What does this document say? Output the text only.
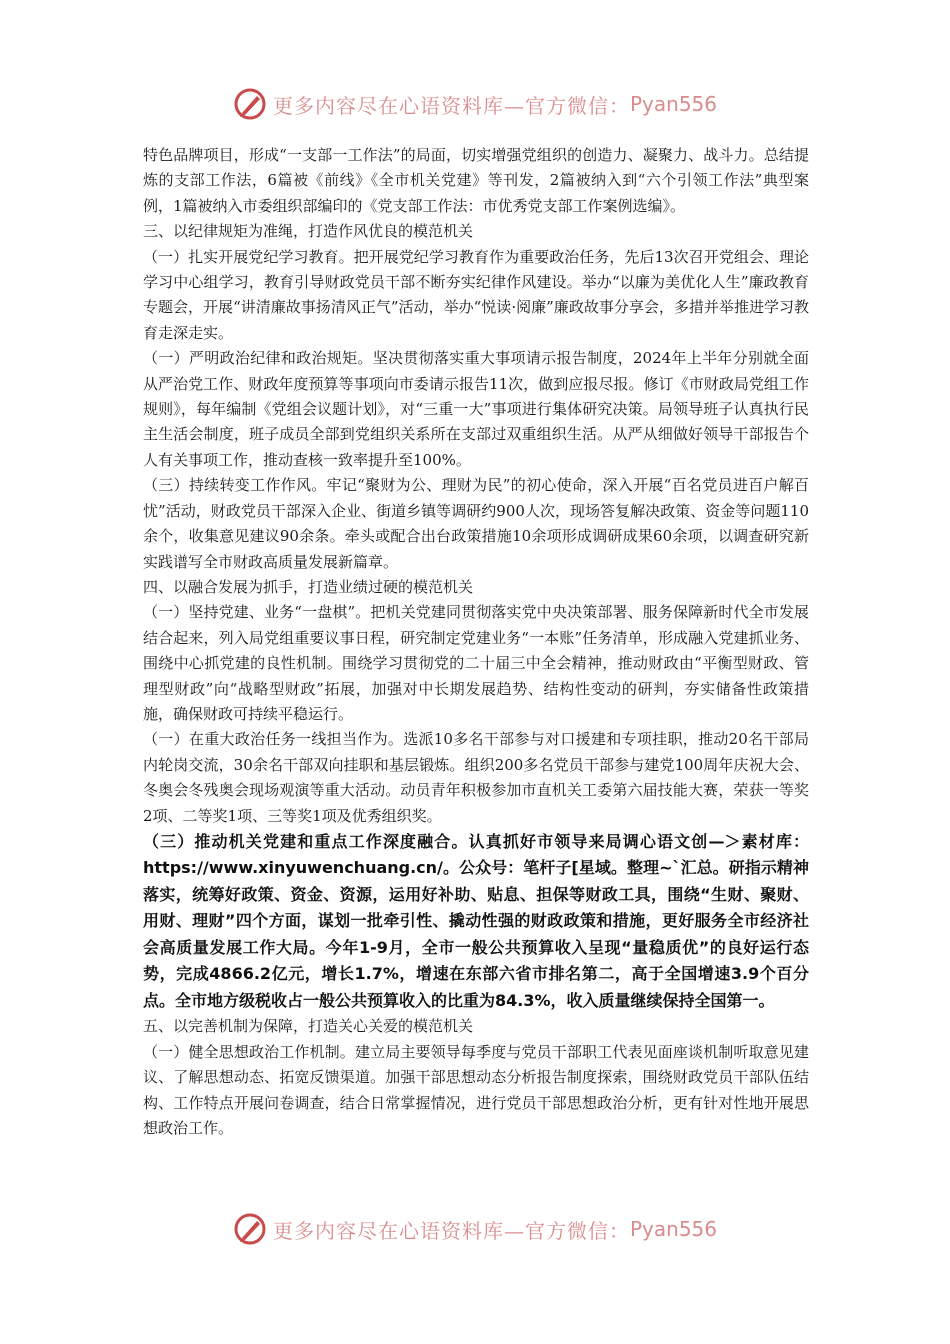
更多内容尽在心语资料库—官方微信： Pyan556

特色品牌项目，形成“一支部一工作法”的局面，切实增强党组织的创造力、凝聚力、战斗力。总结提炼的支部工作法，6篇被《前线》《全市机关党建》等刊发，2篇被纳入到“六个引领工作法”典型案例，1篇被纳入市委组织部编印的《党支部工作法：市优秀党支部工作案例选编》。

三、以纪律规矩为准绳，打造作风优良的模范机关

（一）扎实开展党纪学习教育。把开展党纪学习教育作为重要政治任务，先后13次召开党组会、理论学习中心组学习，教育引导财政党员干部不断夯实纪律作风建设。举办“以廉为美优化人生”廉政教育专题会，开展“讲清廉故事扬清风正气”活动，举办“悦读·阅廉”廉政故事分享会，多措并举推进学习教育走深走实。

（一）严明政治纪律和政治规矩。坚决贯彻落实重大事项请示报告制度，2024年上半年分别就全面从严治党工作、财政年度预算等事项向市委请示报告11次，做到应报尽报。修订《市财政局党组工作规则》，每年编制《党组会议题计划》，对“三重一大”事项进行集体研究决策。局领导班子认真执行民主生活会制度，班子成员全部到党组织关系所在支部过双重组织生活。从严从细做好领导干部报告个人有关事项工作，推动查核一致率提升至100%。

（三）持续转变工作作风。牢记“聚财为公、理财为民”的初心使命，深入开展“百名党员进百户解百忧”活动，财政党员干部深入企业、街道乡镇等调研约900人次，现场答复解决政策、资金等问题110余个，收集意见建议90余条。牵头或配合出台政策措施10余项形成调研成果60余项，以调查研究新实践谱写全市财政高质量发展新篇章。

四、以融合发展为抓手，打造业绩过硬的模范机关

（一）坚持党建、业务“一盘棋”。把机关党建同贯彻落实党中央决策部署、服务保障新时代全市发展结合起来，列入局党组重要议事日程，研究制定党建业务“一本账”任务清单，形成融入党建抓业务、围绕中心抓党建的良性机制。围绕学习贯彻党的二十届三中全会精神，推动财政由“平衡型财政、管理型财政”向“战略型财政”拓展，加强对中长期发展趋势、结构性变动的研判，夯实储备性政策措施，确保财政可持续平稳运行。

（一）在重大政治任务一线担当作为。选派10多名干部参与对口援建和专项挂职，推动20名干部局内轮岗交流，30余名干部双向挂职和基层锻炼。组织200多名党员干部参与建党100周年庆祝大会、冬奥会冬残奥会现场观演等重大活动。动员青年积极参加市直机关工委第六届技能大赛，荣获一等奖2项、二等奖1项、三等奖1项及优秀组织奖。

（三）推动机关党建和重点工作深度融合。认真抓好市领导来局调心语文创—＞素材库：https://www.xinyuwenchuang.cn/。公众号：笔杆子[星域。整理~`汇总。研指示精神落实，统筹好政策、资金、资源，运用好补助、贴息、担保等财政工具，围绕“生财、聚财、用财、理财”四个方面，谋划一批牵引性、撬动性强的财政政策和措施，更好服务全市经济社会高质量发展工作大局。今年1-9月，全市一般公共预算收入呈现“量稳质优”的良好运行态势，完成4866.2亿元，增长1.7%，增速在东部六省市排名第二，高于全国增速3.9个百分点。全市地方级税收占一般公共预算收入的比重为84.3%，收入质量继续保持全国第一。

五、以完善机制为保障，打造关心关爱的模范机关

（一）健全思想政治工作机制。建立局主要领导每季度与党员干部职工代表见面座谈机制听取意见建议、了解思想动态、拓宽反馈渠道。加强干部思想动态分析报告制度探索，围绕财政党员干部队伍结构、工作特点开展问卷调查，结合日常掌握情况，进行党员干部思想政治分析，更有针对性地开展思想政治工作。

更多内容尽在心语资料库—官方微信： Pyan556
